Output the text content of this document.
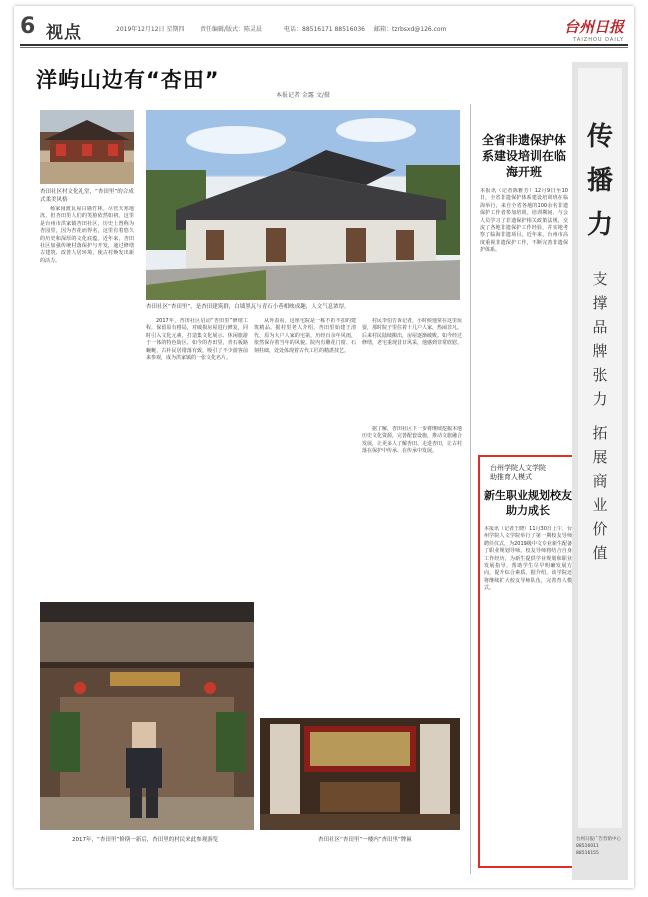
6 视点	2019年12月12日 星期四	责任编辑/版式：陈灵晨	电话：88516171 88516036 邮箱：tzrbsxd@126.com	台州日报
TAIZHOU DAILY
洋屿山边有“杏田”
本报记者 金露 文/摄
杏田社区村文化礼堂，“杏田里”的合成式柔美风格
杏田社区“杏田里”，是杏田建筑群，白墙黑瓦与青石小巷相映成趣，人文气息浓厚。

杨家园渡瓦屋白墙竹林。尽管天寒地冻，但杏田里人们的笑脸依然如初。这里是台州市洪家镇杏田社区，历史上曾称为杏园里，因为杏花而得名，这里有着悠久的历史和深厚的文化底蕴。近年来，杏田社区加强传统村落保护与开发，通过修缮古建筑、改善人居环境，使古村焕发出新的活力。

2017年，杏田社区启动“杏田里”修缮工程，保留原有格局，对破损房屋进行修复，同时引入文化元素，打造集文化展示、休闲旅游于一体的特色街区。如今的杏田里，青石板路蜿蜒，古朴民居错落有致，吸引了不少游客前来参观，成为洪家镇的一张文化名片。

从外表看，这座宅院是一栋不折不扣的建筑精品。据村里老人介绍，杏田里始建于清代，原为大户人家的宅第，历经百余年风雨，依然保存着当年的风貌。院内有雕花门窗、石刻柱础，处处体现着古代工匠的精湛技艺。

村民李伯告诉记者，小时候他常在这里玩耍，那时院子里住着十几户人家，热闹非凡。后来村民陆续搬出，房屋逐渐破败。如今经过修缮，老宅重现昔日风采，他感到非常欣慰。

据了解，杏田社区下一步将继续挖掘本地历史文化资源，完善配套设施，推动文旅融合发展，让更多人了解杏田、走进杏田，让古村落在保护中传承、在传承中发展。

2017年，“杏田里”修缮一新后，杏田里的村民来此参观游览	杏田社区“杏田里”一楼内“杏田里”牌匾
全省非遗保护体系建设培训在临海开班
本报讯（记者陈雅芳）12月9日至10日，全省非遗保护体系建设培训班在临海举行，来自全省各地的100余名非遗保护工作者参加培训。培训期间，与会人员学习了非遗保护相关政策法规，交流了各地非遗保护工作经验，并实地考察了临海非遗项目。近年来，台州市高度重视非遗保护工作，不断完善非遗保护体系。
台州学院人文学院
助推育人模式
新生职业规划校友助力成长
本报讯（记者王晓）11月30日上午，台州学院人文学院举行了第一期校友导师聘任仪式，为2019级中文专业新生配备了职业规划导师。校友导师将结合自身工作经历，为新生提供学业规划和职业发展指导，帮助学生尽早明确发展方向，提升综合素质。据介绍，该学院还将继续扩大校友导师队伍，完善育人模式。
传
播
力
支
撑
品
牌
张
力
拓
展
商
业
价
值
台州日报广告营销中心
88516011
88516155
